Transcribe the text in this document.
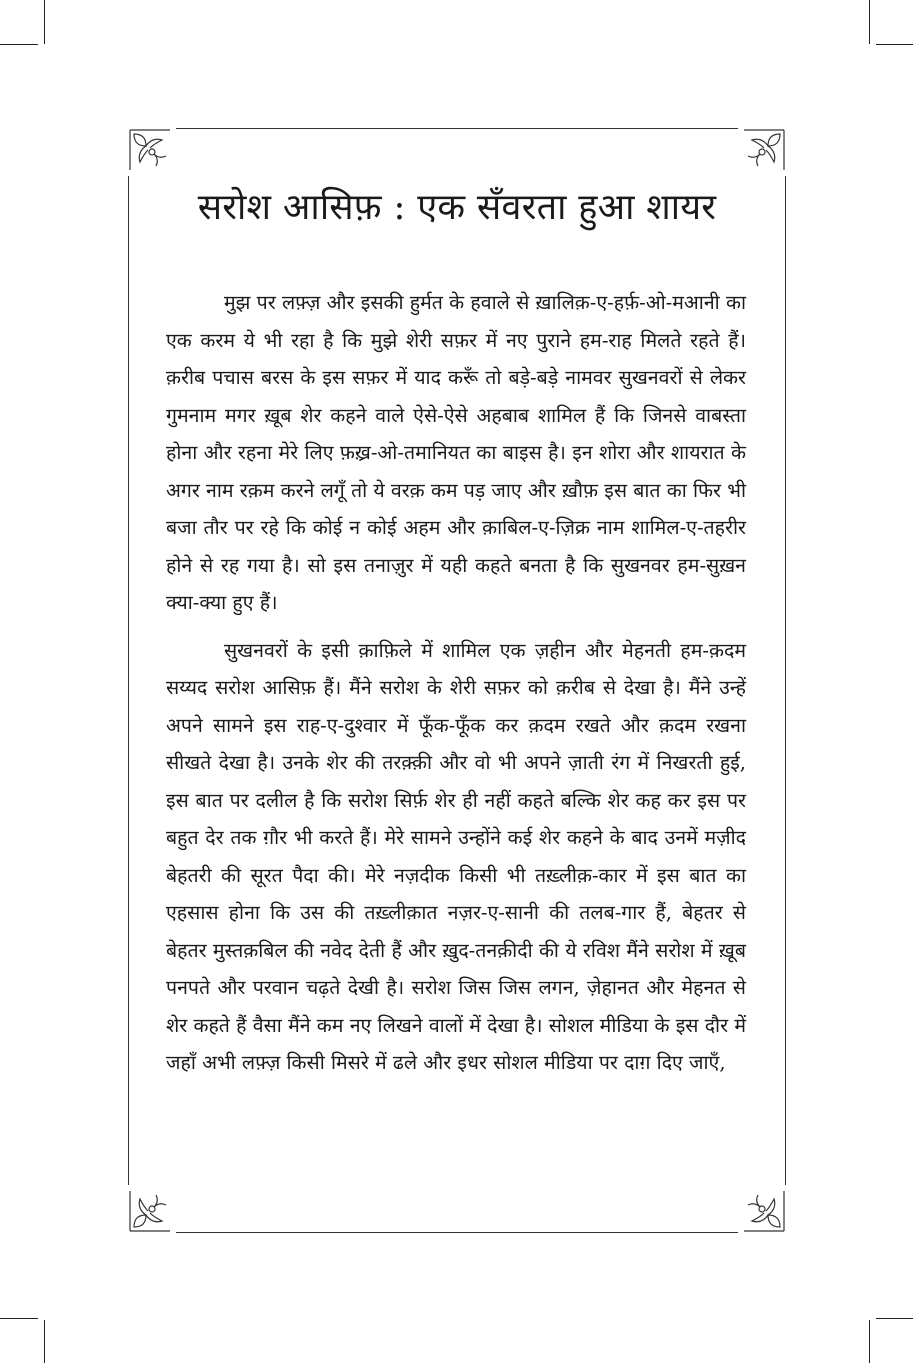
सरोश आसिफ़ : एक सँवरता हुआ शायर

मुझ पर लफ़्ज़ और इसकी हुर्मत के हवाले से ख़ालिक़-ए-हर्फ़-ओ-मआनी का एक करम ये भी रहा है कि मुझे शेरी सफ़र में नए पुराने हम-राह मिलते रहते हैं। क़रीब पचास बरस के इस सफ़र में याद करूँ तो बड़े-बड़े नामवर सुखनवरों से लेकर गुमनाम मगर ख़ूब शेर कहने वाले ऐसे-ऐसे अहबाब शामिल हैं कि जिनसे वाबस्ता होना और रहना मेरे लिए फ़ख़्र-ओ-तमानियत का बाइस है। इन शोरा और शायरात के अगर नाम रक़म करने लगूँ तो ये वरक़ कम पड़ जाए और ख़ौफ़ इस बात का फिर भी बजा तौर पर रहे कि कोई न कोई अहम और क़ाबिल-ए-ज़िक्र नाम शामिल-ए-तहरीर होने से रह गया है। सो इस तनाज़ुर में यही कहते बनता है कि सुखनवर हम-सुख़न क्या-क्या हुए हैं।

सुखनवरों के इसी क़ाफ़िले में शामिल एक ज़हीन और मेहनती हम-क़दम सय्यद सरोश आसिफ़ हैं। मैंने सरोश के शेरी सफ़र को क़रीब से देखा है। मैंने उन्हें अपने सामने इस राह-ए-दुश्वार में फूँक-फूँक कर क़दम रखते और क़दम रखना सीखते देखा है। उनके शेर की तरक़्क़ी और वो भी अपने ज़ाती रंग में निखरती हुई, इस बात पर दलील है कि सरोश सिर्फ़ शेर ही नहीं कहते बल्कि शेर कह कर इस पर बहुत देर तक ग़ौर भी करते हैं। मेरे सामने उन्होंने कई शेर कहने के बाद उनमें मज़ीद बेहतरी की सूरत पैदा की। मेरे नज़दीक किसी भी तख़्लीक़-कार में इस बात का एहसास होना कि उस की तख़्लीक़ात नज़र-ए-सानी की तलब-गार हैं, बेहतर से बेहतर मुस्तक़बिल की नवेद देती हैं और ख़ुद-तनक़ीदी की ये रविश मैंने सरोश में ख़ूब पनपते और परवान चढ़ते देखी है। सरोश जिस जिस लगन, ज़ेहानत और मेहनत से शेर कहते हैं वैसा मैंने कम नए लिखने वालों में देखा है। सोशल मीडिया के इस दौर में जहाँ अभी लफ़्ज़ किसी मिसरे में ढले और इधर सोशल मीडिया पर दाग़ दिए जाएँ,
